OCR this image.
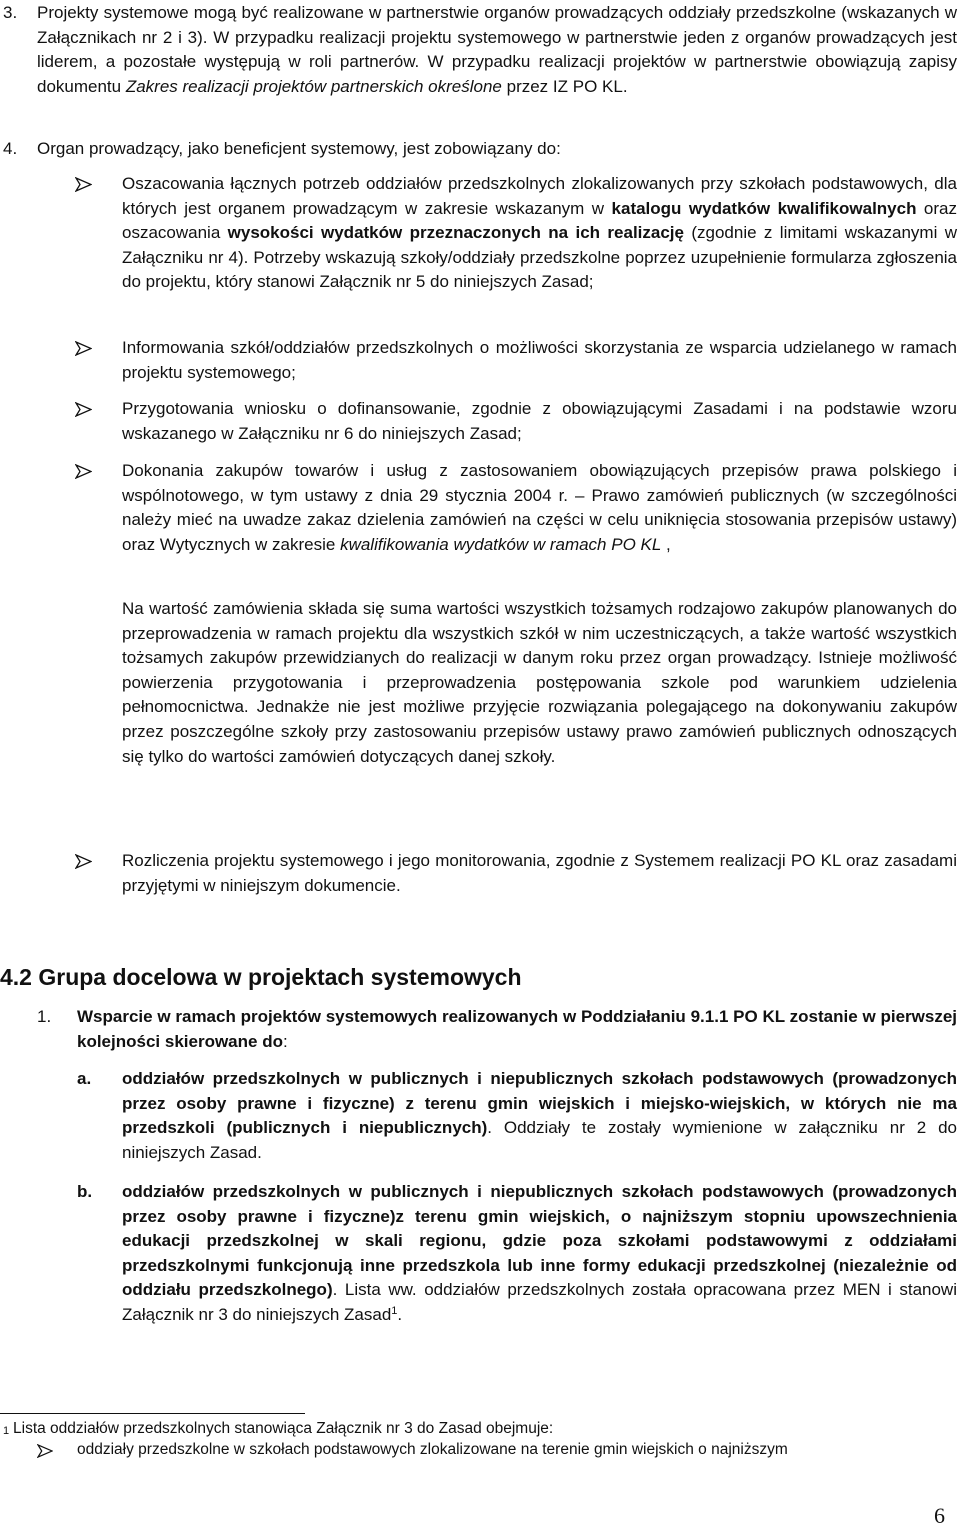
3. Projekty systemowe mogą być realizowane w partnerstwie organów prowadzących oddziały przedszkolne (wskazanych w Załącznikach nr 2 i 3). W przypadku realizacji projektu systemowego w partnerstwie jeden z organów prowadzących jest liderem, a pozostałe występują w roli partnerów. W przypadku realizacji projektów w partnerstwie obowiązują zapisy dokumentu Zakres realizacji projektów partnerskich określone przez IZ PO KL.
4. Organ prowadzący, jako beneficjent systemowy, jest zobowiązany do:
Oszacowania łącznych potrzeb oddziałów przedszkolnych zlokalizowanych przy szkołach podstawowych, dla których jest organem prowadzącym w zakresie wskazanym w katalogu wydatków kwalifikowalnych oraz oszacowania wysokości wydatków przeznaczonych na ich realizację (zgodnie z limitami wskazanymi w Załączniku nr 4). Potrzeby wskazują szkoły/oddziały przedszkolne poprzez uzupełnienie formularza zgłoszenia do projektu, który stanowi Załącznik nr 5 do niniejszych Zasad;
Informowania szkół/oddziałów przedszkolnych o możliwości skorzystania ze wsparcia udzielanego w ramach projektu systemowego;
Przygotowania wniosku o dofinansowanie, zgodnie z obowiązującymi Zasadami i na podstawie wzoru wskazanego w Załączniku nr 6 do niniejszych Zasad;
Dokonania zakupów towarów i usług z zastosowaniem obowiązujących przepisów prawa polskiego i wspólnotowego, w tym ustawy z dnia 29 stycznia 2004 r. – Prawo zamówień publicznych (w szczególności należy mieć na uwadze zakaz dzielenia zamówień na części w celu uniknięcia stosowania przepisów ustawy) oraz Wytycznych w zakresie kwalifikowania wydatków w ramach PO KL ,
Na wartość zamówienia składa się suma wartości wszystkich tożsamych rodzajowo zakupów planowanych do przeprowadzenia w ramach projektu dla wszystkich szkół w nim uczestniczących, a także wartość wszystkich tożsamych zakupów przewidzianych do realizacji w danym roku przez organ prowadzący. Istnieje możliwość powierzenia przygotowania i przeprowadzenia postępowania szkole pod warunkiem udzielenia pełnomocnictwa. Jednakże nie jest możliwe przyjęcie rozwiązania polegającego na dokonywaniu zakupów przez poszczególne szkoły przy zastosowaniu przepisów ustawy prawo zamówień publicznych odnoszących się tylko do wartości zamówień dotyczących danej szkoły.
Rozliczenia projektu systemowego i jego monitorowania, zgodnie z Systemem realizacji PO KL oraz zasadami przyjętymi w niniejszym dokumencie.
4.2 Grupa docelowa w projektach systemowych
1. Wsparcie w ramach projektów systemowych realizowanych w Poddziałaniu 9.1.1 PO KL zostanie w pierwszej kolejności skierowane do:
a. oddziałów przedszkolnych w publicznych i niepublicznych szkołach podstawowych (prowadzonych przez osoby prawne i fizyczne) z terenu gmin wiejskich i miejsko-wiejskich, w których nie ma przedszkoli (publicznych i niepublicznych). Oddziały te zostały wymienione w załączniku nr 2 do niniejszych Zasad.
b. oddziałów przedszkolnych w publicznych i niepublicznych szkołach podstawowych (prowadzonych przez osoby prawne i fizyczne)z terenu gmin wiejskich, o najniższym stopniu upowszechnienia edukacji przedszkolnej w skali regionu, gdzie poza szkołami podstawowymi z oddziałami przedszkolnymi funkcjonują inne przedszkola lub inne formy edukacji przedszkolnej (niezależnie od oddziału przedszkolnego). Lista ww. oddziałów przedszkolnych została opracowana przez MEN i stanowi Załącznik nr 3 do niniejszych Zasad$^1$.
1 Lista oddziałów przedszkolnych stanowiąca Załącznik nr 3 do Zasad obejmuje:
oddziały przedszkolne w szkołach podstawowych zlokalizowane na terenie gmin wiejskich o najniższym
6
